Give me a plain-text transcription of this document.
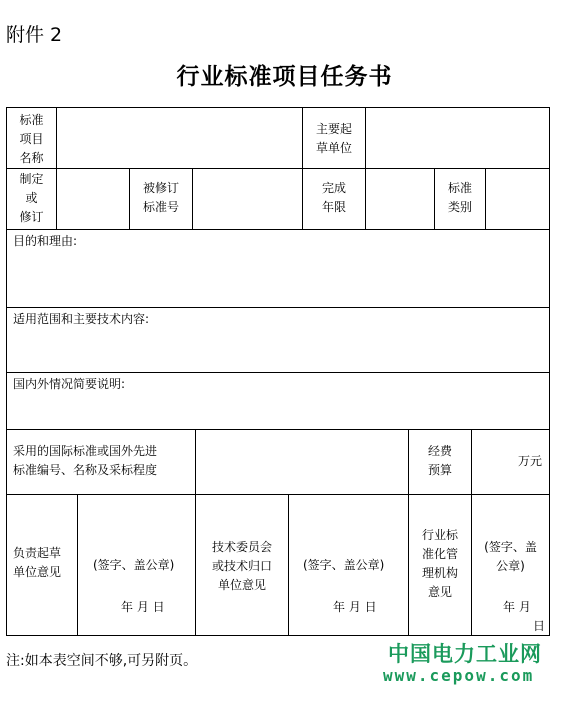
附件 2
行业标准项目任务书
标准
项目
名称
主要起
草单位
制定
或
修订
被修订
标准号
完成
年限
标准
类别
目的和理由:
适用范围和主要技术内容:
国内外情况简要说明:
采用的国际标准或国外先进
标准编号、名称及采标程度
经费
预算
万元
负责起草
单位意见	(签字、盖公章)
年 月 日
技术委员会
或技术归口
单位意见
(签字、盖公章)
年 月 日
行业标
准化管
理机构
意见
(签字、盖
公章)
年 月
日
注:如本表空间不够,可另附页。	中国电力工业网
www.cepow.com
